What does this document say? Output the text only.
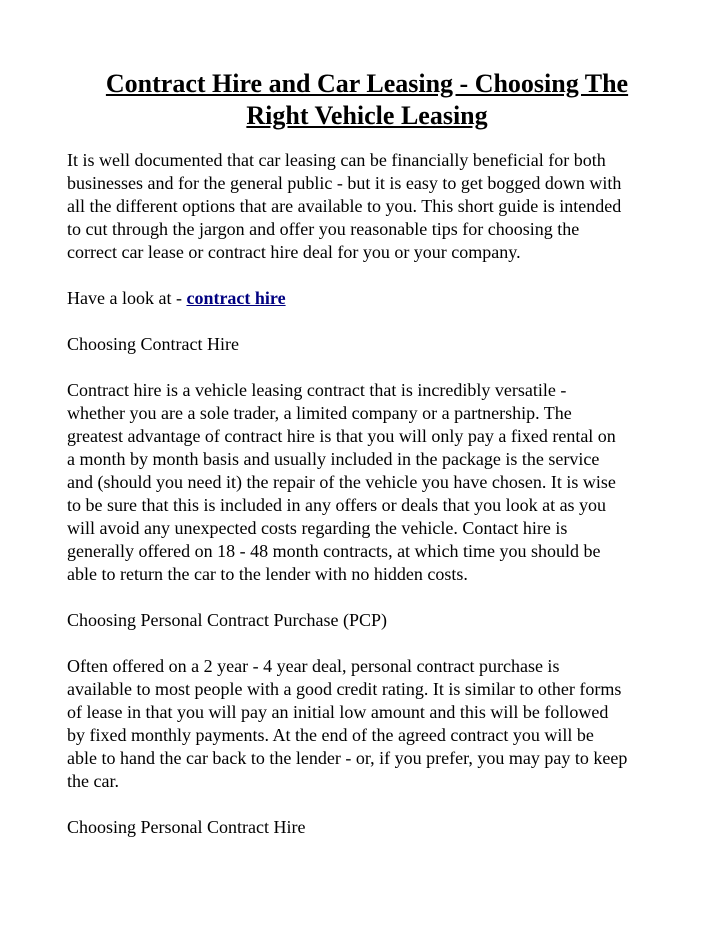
Contract Hire and Car Leasing - Choosing The
Right Vehicle Leasing

It is well documented that car leasing can be financially beneficial for both
businesses and for the general public - but it is easy to get bogged down with
all the different options that are available to you. This short guide is intended
to cut through the jargon and offer you reasonable tips for choosing the
correct car lease or contract hire deal for you or your company.

Have a look at - contract hire

Choosing Contract Hire

Contract hire is a vehicle leasing contract that is incredibly versatile -
whether you are a sole trader, a limited company or a partnership. The
greatest advantage of contract hire is that you will only pay a fixed rental on
a month by month basis and usually included in the package is the service
and (should you need it) the repair of the vehicle you have chosen. It is wise
to be sure that this is included in any offers or deals that you look at as you
will avoid any unexpected costs regarding the vehicle. Contact hire is
generally offered on 18 - 48 month contracts, at which time you should be
able to return the car to the lender with no hidden costs.

Choosing Personal Contract Purchase (PCP)

Often offered on a 2 year - 4 year deal, personal contract purchase is
available to most people with a good credit rating. It is similar to other forms
of lease in that you will pay an initial low amount and this will be followed
by fixed monthly payments. At the end of the agreed contract you will be
able to hand the car back to the lender - or, if you prefer, you may pay to keep
the car.

Choosing Personal Contract Hire
